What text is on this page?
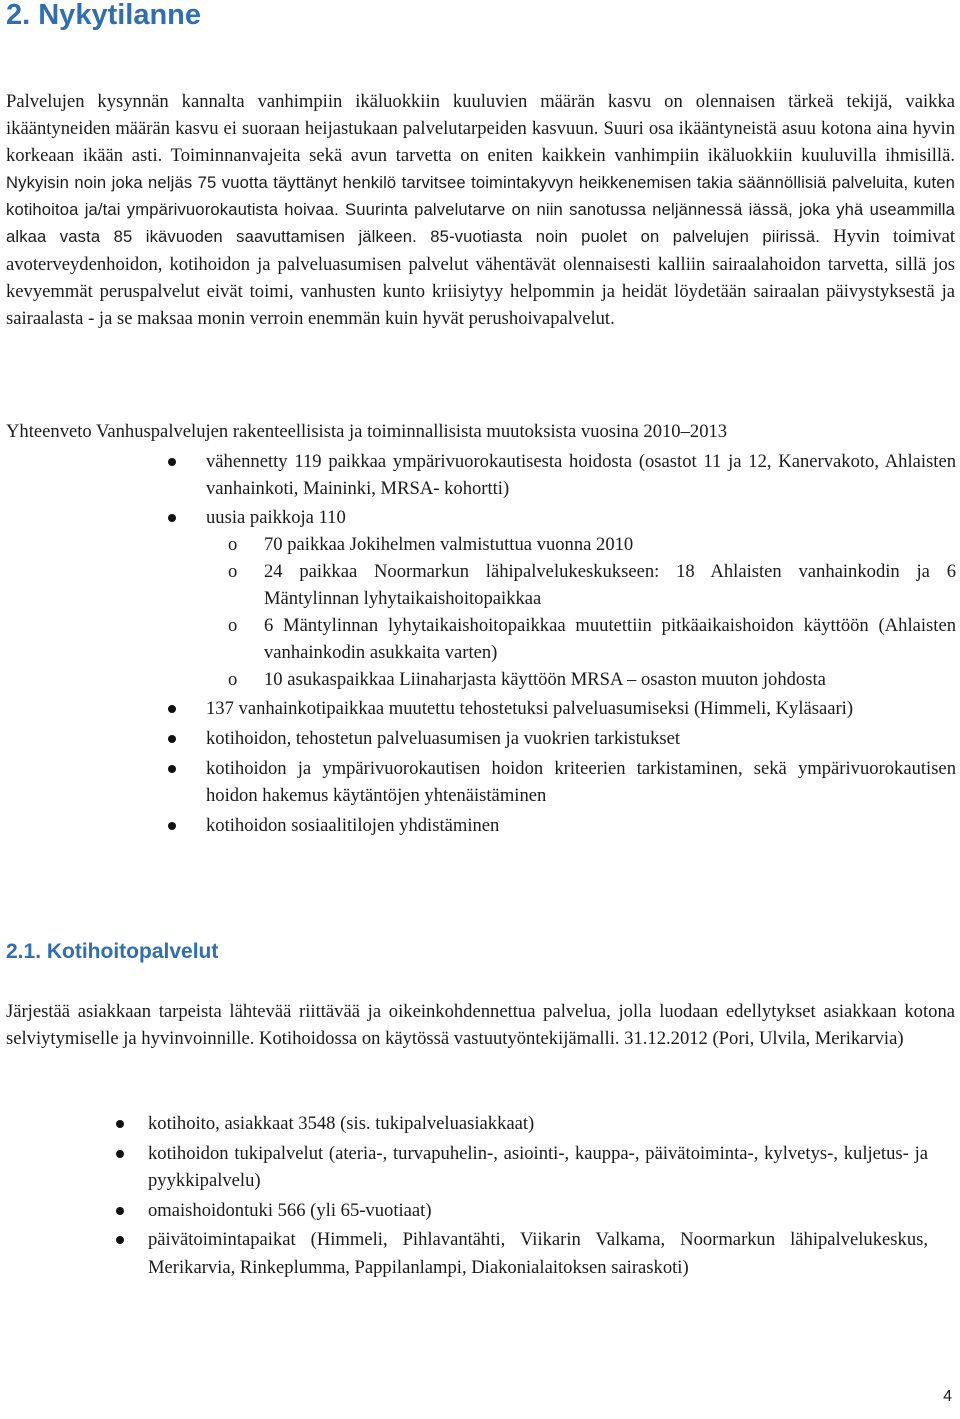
2. Nykytilanne

Palvelujen kysynnän kannalta vanhimpiin ikäluokkiin kuuluvien määrän kasvu on olennaisen tärkeä tekijä, vaikka ikääntyneiden määrän kasvu ei suoraan heijastukaan palvelutarpeiden kasvuun. Suuri osa ikääntyneistä asuu kotona aina hyvin korkeaan ikään asti. Toiminnanvajeita sekä avun tarvetta on eniten kaikkein vanhimpiin ikäluokkiin kuuluvilla ihmisillä. Nykyisin noin joka neljäs 75 vuotta täyttänyt henkilö tarvitsee toimintakyvyn heikkenemisen takia säännöllisiä palveluita, kuten kotihoitoa ja/tai ympärivuorokautista hoivaa. Suurinta palvelutarve on niin sanotussa neljännessä iässä, joka yhä useammilla alkaa vasta 85 ikävuoden saavuttamisen jälkeen. 85-vuotiasta noin puolet on palvelujen piirissä. Hyvin toimivat avoterveydenhoidon, kotihoidon ja palveluasumisen palvelut vähentävät olennaisesti kalliin sairaalahoidon tarvetta, sillä jos kevyemmät peruspalvelut eivät toimi, vanhusten kunto kriisiytyy helpommin ja heidät löydetään sairaalan päivystyksestä ja sairaalasta - ja se maksaa monin verroin enemmän kuin hyvät perushoivapalvelut.

Yhteenveto Vanhuspalvelujen rakenteellisista ja toiminnallisista muutoksista vuosina 2010–2013

vähennetty 119 paikkaa ympärivuorokautisesta hoidosta (osastot 11 ja 12, Kanervakoto, Ahlaisten vanhainkoti, Maininki, MRSA- kohortti)
uusia paikkoja 110
o 70 paikkaa Jokihelmen valmistuttua vuonna 2010
o 24 paikkaa Noormarkun lähipalvelukeskukseen: 18 Ahlaisten vanhainkodin ja 6 Mäntylinnan lyhytaikaishoitopaikkaa
o 6 Mäntylinnan lyhytaikaishoitopaikkaa muutettiin pitkäaikaishoidon käyttöön (Ahlaisten vanhainkodin asukkaita varten)
o 10 asukaspaikkaa Liinaharjasta käyttöön MRSA – osaston muuton johdosta
137 vanhainkotipaikkaa muutettu tehostetuksi palveluasumiseksi (Himmeli, Kyläsaari)
kotihoidon, tehostetun palveluasumisen ja vuokrien tarkistukset
kotihoidon ja ympärivuorokautisen hoidon kriteerien tarkistaminen, sekä ympärivuorokautisen hoidon hakemus käytäntöjen yhtenäistäminen
kotihoidon sosiaalitilojen yhdistäminen
2.1. Kotihoitopalvelut

Järjestää asiakkaan tarpeista lähtevää riittävää ja oikeinkohdennettua palvelua, jolla luodaan edellytykset asiakkaan kotona selviytymiselle ja hyvinvoinnille. Kotihoidossa on käytössä vastuutyöntekijämalli. 31.12.2012 (Pori, Ulvila, Merikarvia)

kotihoito, asiakkaat 3548 (sis. tukipalveluasiakkaat)
kotihoidon tukipalvelut (ateria-, turvapuhelin-, asiointi-, kauppa-, päivätoiminta-, kylvetys-, kuljetus- ja pyykkipalvelu)
omaishoidontuki 566 (yli 65-vuotiaat)
päivätoimintapaikat (Himmeli, Pihlavantähti, Viikarin Valkama, Noormarkun lähipalvelukeskus, Merikarvia, Rinkeplumma, Pappilanlampi, Diakonialaitoksen sairaskoti)
4
